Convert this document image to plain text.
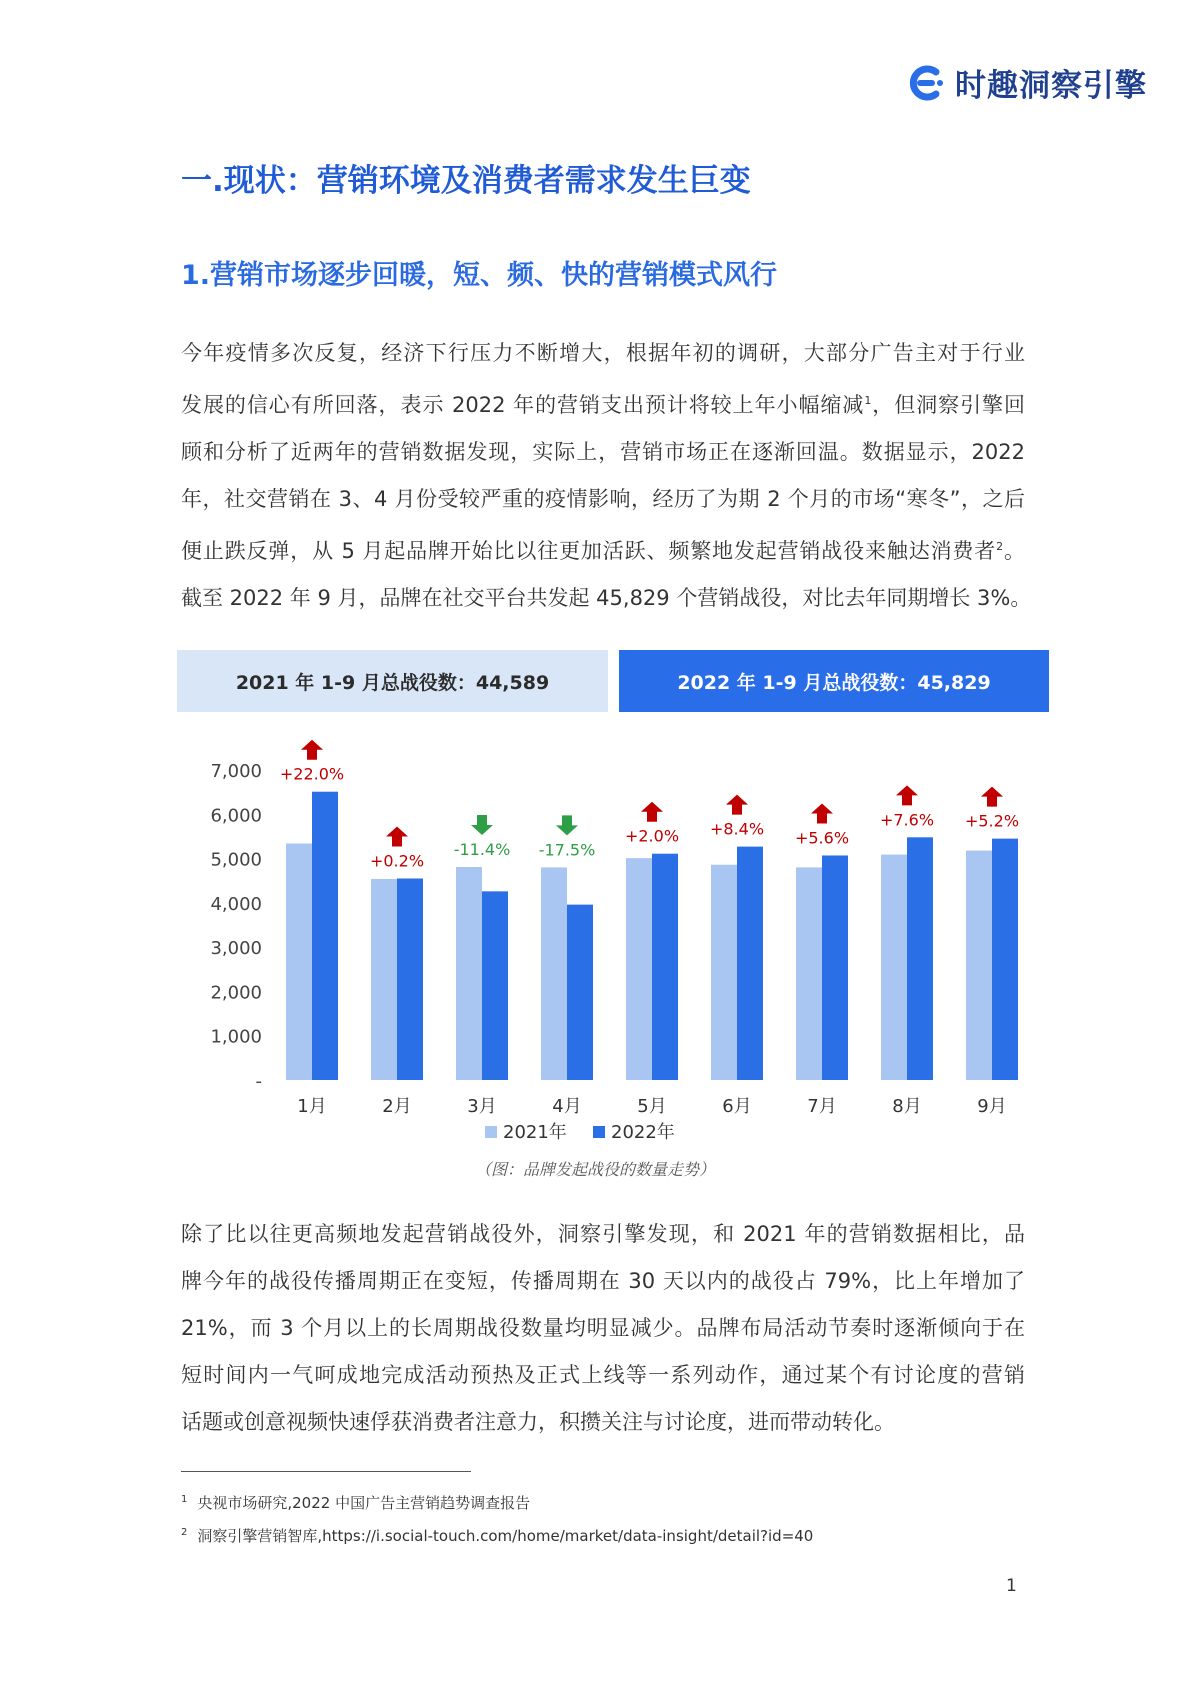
时趣洞察引擎
一.现状：营销环境及消费者需求发生巨变
1.营销市场逐步回暖，短、频、快的营销模式风行

今年疫情多次反复，经济下行压力不断增大，根据年初的调研，大部分广告主对于行业
发展的信心有所回落，表示 2022 年的营销支出预计将较上年小幅缩减$^1$，但洞察引擎回
顾和分析了近两年的营销数据发现，实际上，营销市场正在逐渐回温。数据显示，2022
年，社交营销在 3、4 月份受较严重的疫情影响，经历了为期 2 个月的市场“寒冬”，之后
便止跌反弹，从 5 月起品牌开始比以往更加活跃、频繁地发起营销战役来触达消费者$^2$。
截至 2022 年 9 月，品牌在社交平台共发起 45,829 个营销战役，对比去年同期增长 3%。

2021 年 1-9 月总战役数：44,589	2022 年 1-9 月总战役数：45,829
-
1,000
2,000
3,000
4,000
5,000
6,000
7,000
1月
+22.0%
2月
+0.2%
3月
-11.4%
4月
-17.5%
5月
+2.0%
6月
+8.4%
7月
+5.6%
8月
+7.6%
9月
+5.2%
2021年 2022年
（图：品牌发起战役的数量走势）

除了比以往更高频地发起营销战役外，洞察引擎发现，和 2021 年的营销数据相比，品
牌今年的战役传播周期正在变短，传播周期在 30 天以内的战役占 79%，比上年增加了
21%，而 3 个月以上的长周期战役数量均明显减少。品牌布局活动节奏时逐渐倾向于在
短时间内一气呵成地完成活动预热及正式上线等一系列动作，通过某个有讨论度的营销
话题或创意视频快速俘获消费者注意力，积攒关注与讨论度，进而带动转化。

$^1$ 央视市场研究,2022 中国广告主营销趋势调查报告
$^2$ 洞察引擎营销智库,https://i.social-touch.com/home/market/data-insight/detail?id=40
1
